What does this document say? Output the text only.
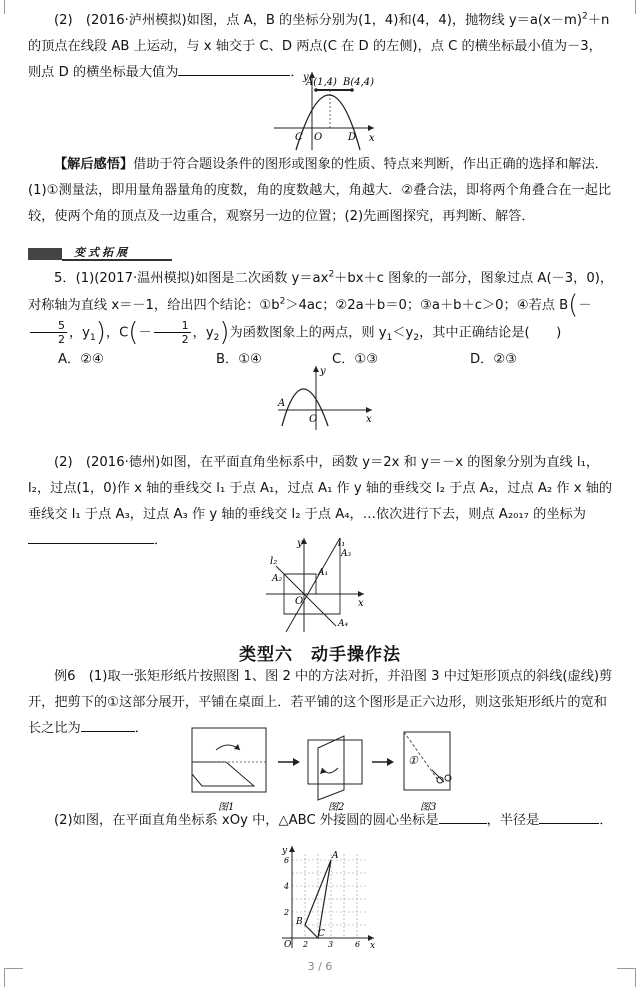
(2)　 (2016·泸州模拟)如图，点 A，B 的坐标分别为(1，4)和(4，4)，抛物线 $y=a(x-m)^2+n$ 的顶点在线段 AB 上运动，与 x 轴交于 C、D 两点(C 在 D 的左侧)，点 C 的横坐标最小值为－3，则点 D 的横坐标最大值为	．

A(1,4) B(4,4)
C O	D x
y

【解后感悟】借助于符合题设条件的图形或图象的性质、特点来判断，作出正确的选择和解法．(1)①测量法，即用量角器量角的度数，角的度数越大，角越大．②叠合法，即将两个角叠合在一起比较，使两个角的顶点及一边重合，观察另一边的位置；(2)先画图探究，再判断、解答．

变式拓展

5．(1)(2017·温州模拟)如图是二次函数 $y=ax^2+bx+c$ 图象的一部分，图象过点 A(－3，0)，对称轴为直线 x＝－1，给出四个结论：$①b^2>4ac$；②2a＋b＝0；③a＋b＋c＞0；④若点 B(－
$\frac{5}{2}$ ，$y_1$)，$C(- \frac{1}{2}$ ，$y_2$)为函数图象上的两点，则 $y_1<y_2$，其中正确结论是(　　)

A．②④	B．①④	C．①③	D．②③
A
O	x
y

(2)　 (2016·德州)如图，在平面直角坐标系中，函数 y＝2x 和 y＝－x 的图象分别为直线 l₁，l₂，过点(1，0)作 x 轴的垂线交 l₁ 于点 A₁，过点 A₁ 作 y 轴的垂线交 l₂ 于点 A₂，过点 A₂ 作 x 轴的垂线交 l₁ 于点 A₃，过点 A₃ 作 y 轴的垂线交 l₂ 于点 A₄，…依次进行下去，则点 A₂₀₁₇ 的坐标为．

l₂
l₁
A₃
A₁
A₂
A₄
O	x
y
类型六　动手操作法

例6　(1)取一张矩形纸片按照图 1、图 2 中的方法对折，并沿图 3 中过矩形顶点的斜线(虚线)剪开，把剪下的①这部分展开，平铺在桌面上．若平铺的这个图形是正六边形，则这张矩形纸片的宽和长之比为	．

①
图1	图2	图3

(2)如图，在平面直角坐标系 xOy 中，△ABC 外接圆的圆心坐标是	，半径是	．

A
B
C
O
y
x
6
4
2
2 3	6
3 / 6
